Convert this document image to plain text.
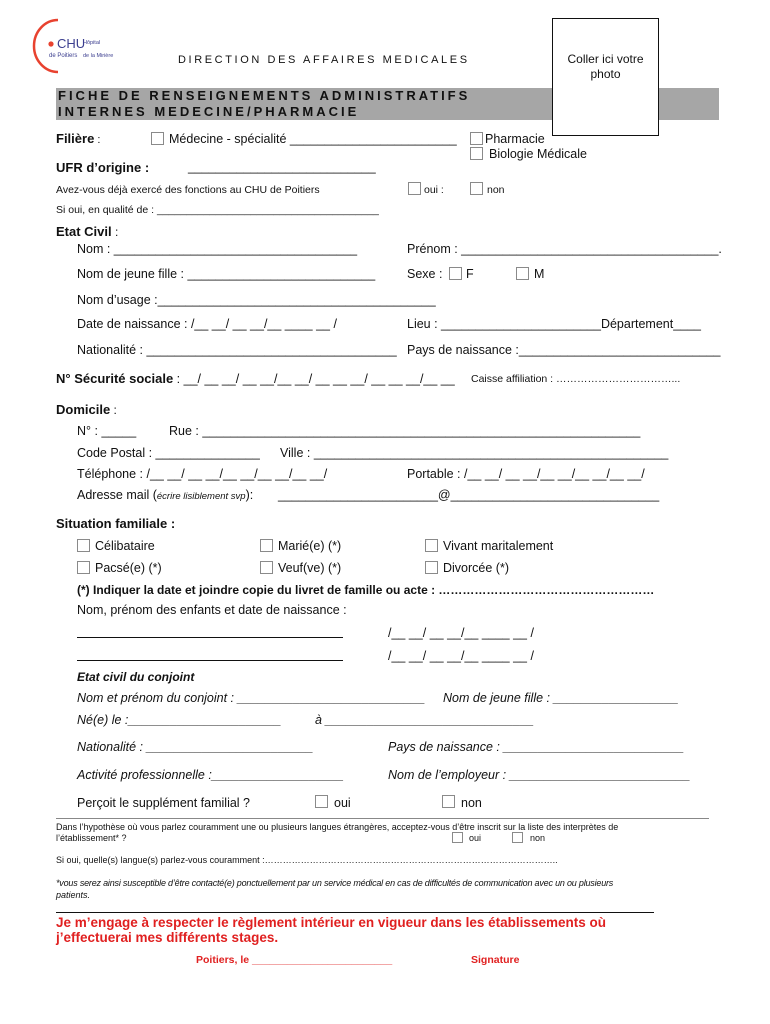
CHU
de Poitiers
Hôpital
de la Mirière	DIRECTION DES AFFAIRES MEDICALES	Coller ici votre photo
FICHE DE RENSEIGNEMENTS ADMINISTRATIFS
INTERNES MEDECINE/PHARMACIE
Filière :	Médecine - spécialité ________________________ Pharmacie
Biologie Médicale
UFR d’origine :	___________________________
Avez-vous déjà exercé des fonctions au CHU de Poitiers	oui :	non
Si oui, en qualité de : ______________________________________
Etat Civil :
Nom : ___________________________________	Prénom : _____________________________________.
Nom de jeune fille : ___________________________	Sexe : F	M
Nom d’usage :________________________________________
Date de naissance : /__ __/ __ __/__ ____ __ /	Lieu : _______________________Département____
Nationalité : ____________________________________ Pays de naissance :_____________________________
N° Sécurité sociale : __/ __ __/ __ __/__ __/ __ __ __/ __ __ __/__ __ Caisse affiliation : ……………………………...
Domicile :
N° : _____	Rue : _______________________________________________________________
Code Postal : _______________ Ville : ___________________________________________________
Téléphone : /__ __/ __ __/__ __/__ __/__ __/	Portable : /__ __/ __ __/__ __/__ __/__ __/
Adresse mail (écrire lisiblement svp): _______________________@______________________________
Situation familiale :
Célibataire	Marié(e) (*)	Vivant maritalement
Pacsé(e) (*)	Veuf(ve) (*)	Divorcée (*)
(*) Indiquer la date et joindre copie du livret de famille ou acte : ………………………………………………
Nom, prénom des enfants et date de naissance :
/__ __/ __ __/__ ____ __ /
/__ __/ __ __/__ ____ __ /
Etat civil du conjoint
Nom et prénom du conjoint : ___________________________ Nom de jeune fille : __________________
Né(e) le :______________________	à ______________________________
Nationalité : ________________________	Pays de naissance : __________________________
Activité professionnelle :___________________	Nom de l’employeur : __________________________
Perçoit le supplément familial ?	oui	non
Dans l’hypothèse où vous parlez couramment une ou plusieurs langues étrangères, acceptez-vous d’être inscrit sur la liste des interprètes de
l’établissement* ?	oui	non
Si oui, quelle(s) langue(s) parlez-vous couramment :……………………………………………………………………………………..
*vous serez ainsi susceptible d’être contacté(e) ponctuellement par un service médical en cas de difficultés de communication avec un ou plusieurs
patients.
Je m’engage à respecter le règlement intérieur en vigueur dans les établissements où
j’effectuerai mes différents stages.
Poitiers, le ________________________	Signature
